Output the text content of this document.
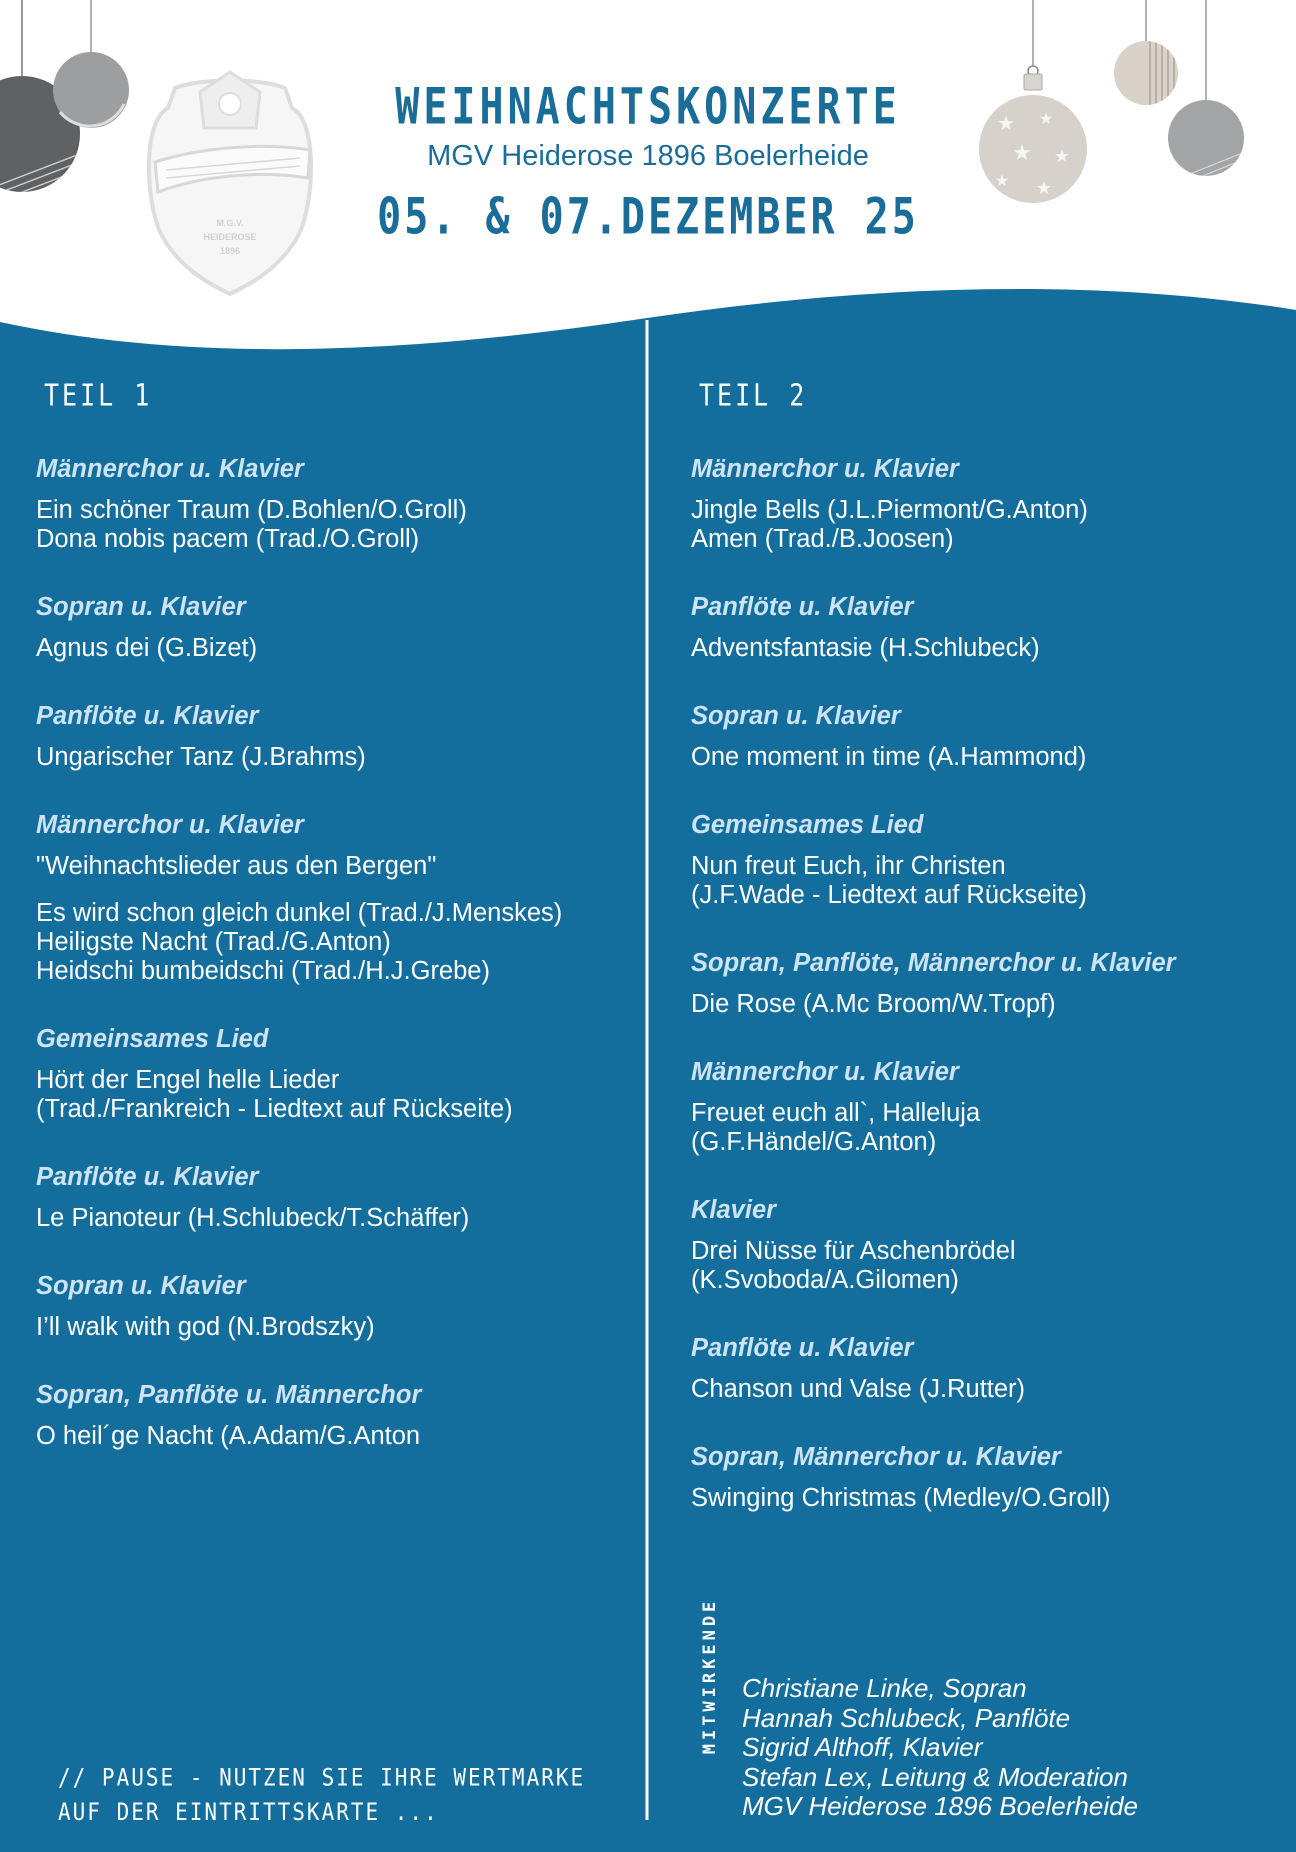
M.G.V.
HEIDEROSE
1896
★ ★
★ ★
★ ★
WEIHNACHTSKONZERTE
MGV Heiderose 1896 Boelerheide
05. & 07.DEZEMBER 25
TEIL 1
Männerchor u. Klavier
Ein schöner Traum (D.Bohlen/O.Groll)
Dona nobis pacem (Trad./O.Groll)
Sopran u. Klavier
Agnus dei (G.Bizet)
Panflöte u. Klavier
Ungarischer Tanz (J.Brahms)
Männerchor u. Klavier
"Weihnachtslieder aus den Bergen"
Es wird schon gleich dunkel (Trad./J.Menskes)
Heiligste Nacht (Trad./G.Anton)
Heidschi bumbeidschi (Trad./H.J.Grebe)
Gemeinsames Lied
Hört der Engel helle Lieder
(Trad./Frankreich - Liedtext auf Rückseite)
Panflöte u. Klavier
Le Pianoteur (H.Schlubeck/T.Schäffer)
Sopran u. Klavier
I’ll walk with god (N.Brodszky)
Sopran, Panflöte u. Männerchor
O heil´ge Nacht (A.Adam/G.Anton
TEIL 2
Männerchor u. Klavier
Jingle Bells (J.L.Piermont/G.Anton)
Amen (Trad./B.Joosen)
Panflöte u. Klavier
Adventsfantasie (H.Schlubeck)
Sopran u. Klavier
One moment in time (A.Hammond)
Gemeinsames Lied
Nun freut Euch, ihr Christen
(J.F.Wade - Liedtext auf Rückseite)
Sopran, Panflöte, Männerchor u. Klavier
Die Rose (A.Mc Broom/W.Tropf)
Männerchor u. Klavier
Freuet euch all`, Halleluja
(G.F.Händel/G.Anton)
Klavier
Drei Nüsse für Aschenbrödel
(K.Svoboda/A.Gilomen)
Panflöte u. Klavier
Chanson und Valse (J.Rutter)
Sopran, Männerchor u. Klavier
Swinging Christmas (Medley/O.Groll)
// PAUSE - NUTZEN SIE IHRE WERTMARKE
AUF DER EINTRITTSKARTE ...
MITWIRKENDE Christiane Linke, Sopran
Hannah Schlubeck, Panflöte
Sigrid Althoff, Klavier
Stefan Lex, Leitung & Moderation
MGV Heiderose 1896 Boelerheide
